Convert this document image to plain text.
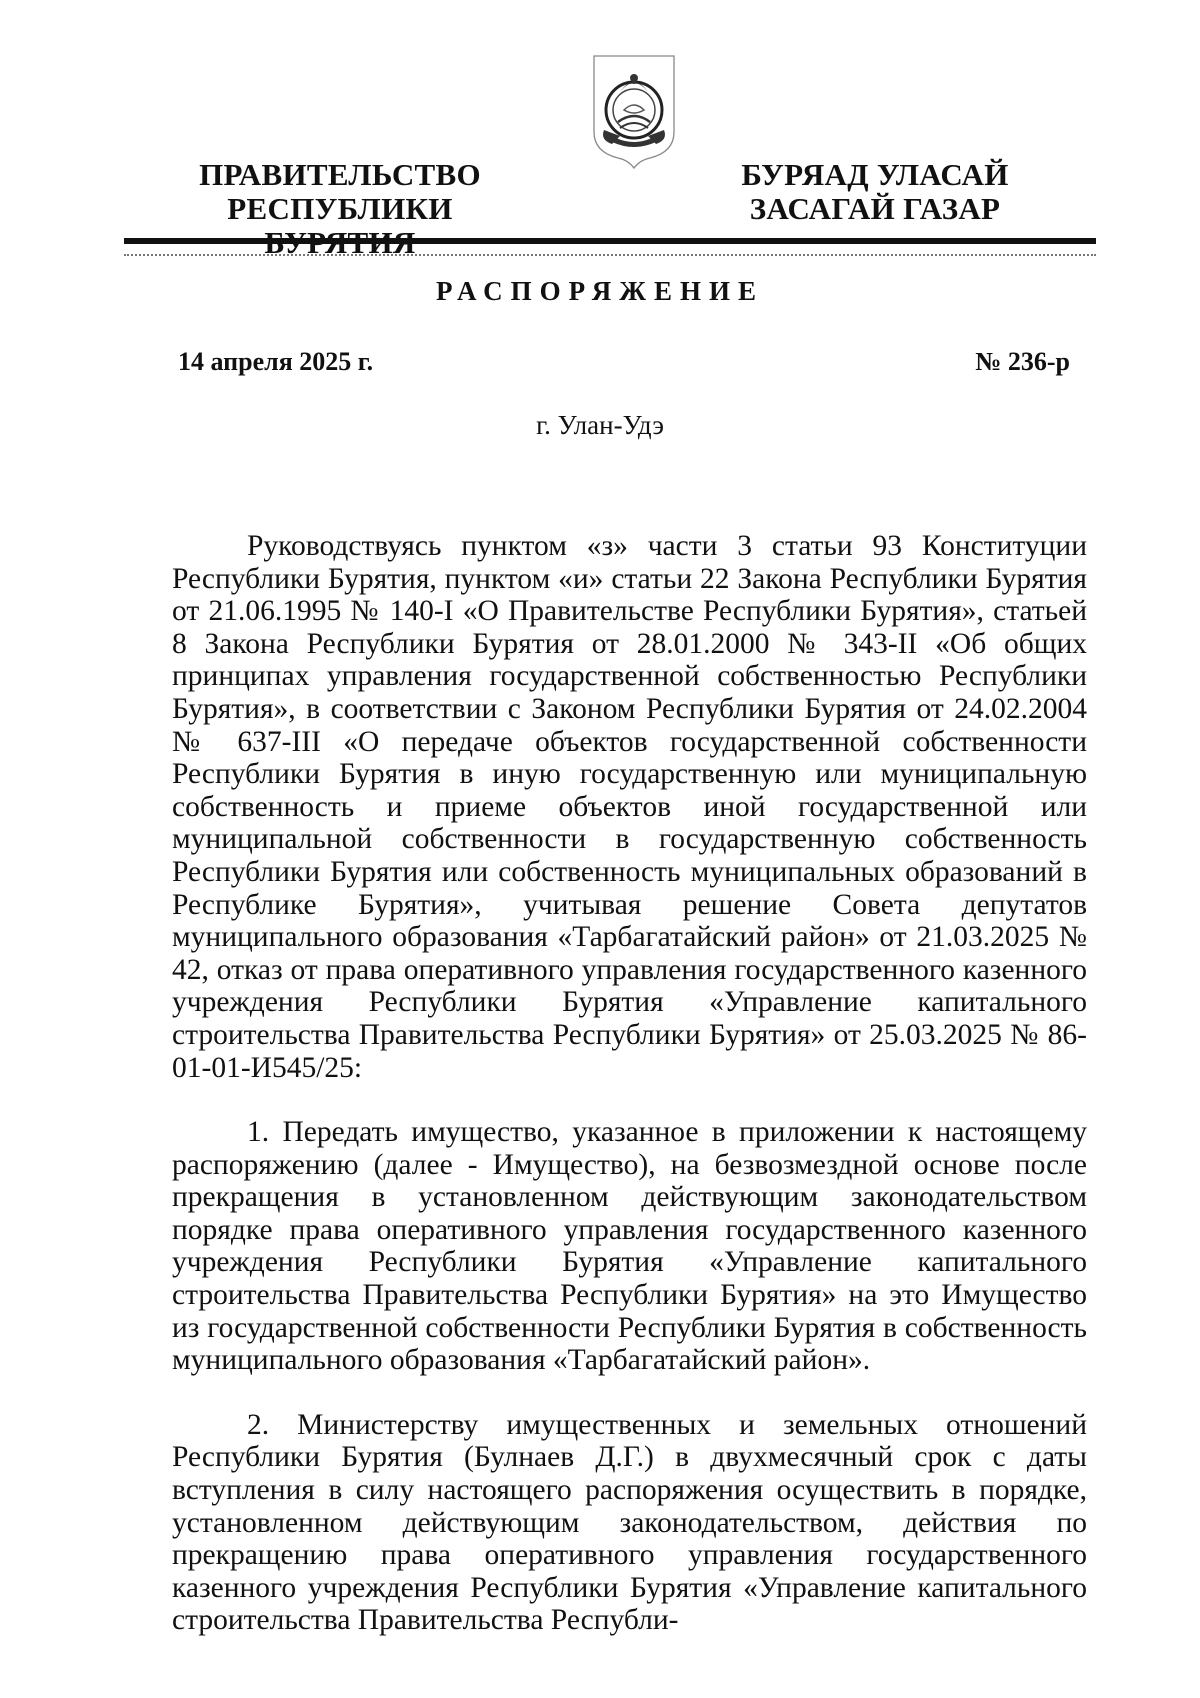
ПРАВИТЕЛЬСТВО
РЕСПУБЛИКИ
БУРЯАД УЛАСАЙ
ЗАСАГАЙ ГАЗАР
РАСПОРЯЖЕНИЕ
14 апреля 2025 г.	№ 236-р
г. Улан-Удэ

Руководствуясь пунктом «з» части 3 статьи 93 Конституции Республики Бурятия, пунктом «и» статьи 22 Закона Республики Бурятия от 21.06.1995 № 140-I «О Правительстве Республики Бурятия», статьей 8 Закона Республики Бурятия от 28.01.2000 № 343-II «Об общих принципах управления государственной собственностью Республики Бурятия», в соответствии с Законом Республики Бурятия от 24.02.2004 № 637-III «О передаче объектов государственной собственности Республики Бурятия в иную государственную или муниципальную собственность и приеме объектов иной государственной или муниципальной собственности в государственную собственность Республики Бурятия или собственность муниципальных образований в Республике Бурятия», учитывая решение Совета депутатов муниципального образования «Тарбагатайский район» от 21.03.2025 № 42, отказ от права оперативного управления государственного казенного учреждения Республики Бурятия «Управление капитального строительства Правительства Республики Бурятия» от 25.03.2025 № 86-01-01-И545/25:

1. Передать имущество, указанное в приложении к настоящему распоряжению (далее - Имущество), на безвозмездной основе после прекращения в установленном действующим законодательством порядке права оперативного управления государственного казенного учреждения Республики Бурятия «Управление капитального строительства Правительства Республики Бурятия» на это Имущество из государственной собственности Республики Бурятия в собственность муниципального образования «Тарбагатайский район».

2. Министерству имущественных и земельных отношений Республики Бурятия (Булнаев Д.Г.) в двухмесячный срок с даты вступления в силу настоящего распоряжения осуществить в порядке, установленном действующим законодательством, действия по прекращению права оперативного управления государственного казенного учреждения Республики Бурятия «Управление капитального строительства Правительства Республи-
